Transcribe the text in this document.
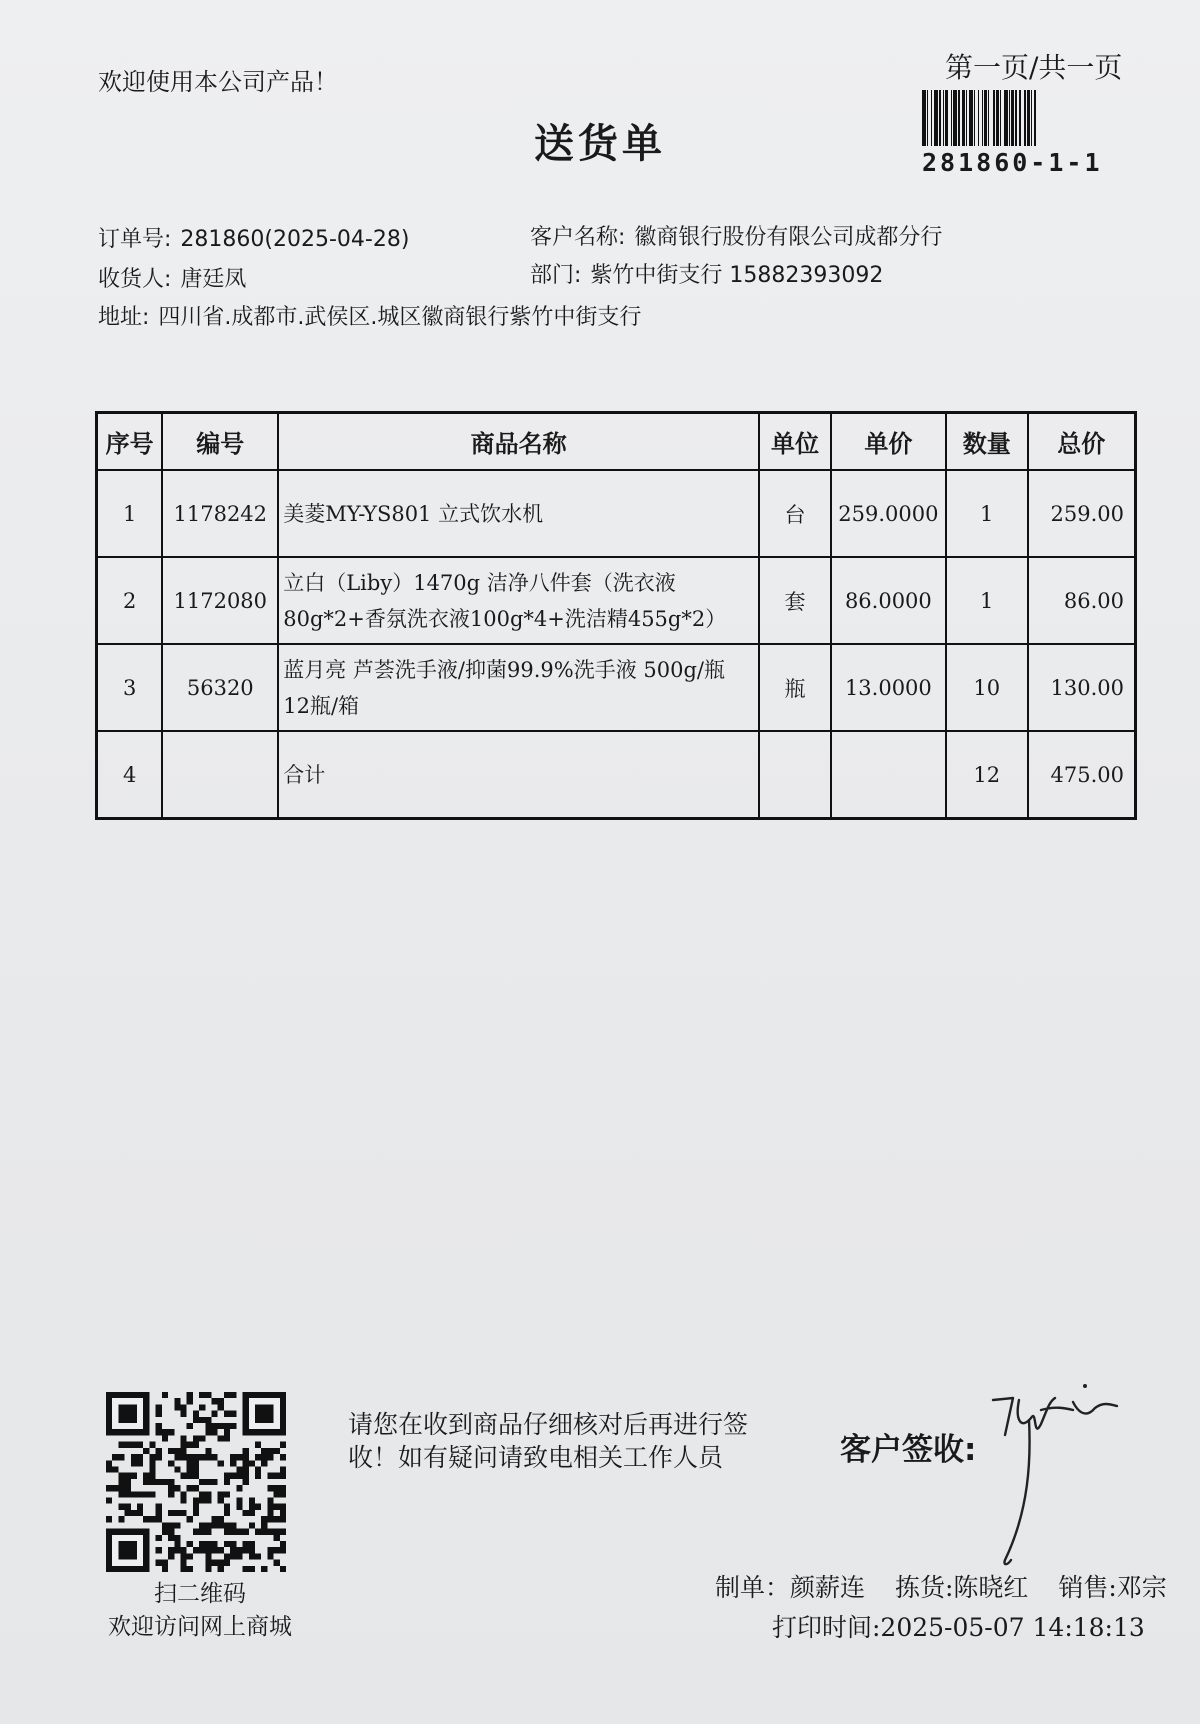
欢迎使用本公司产品！	第一页/共一页
281860-1-1
送货单
订单号: 281860(2025-04-28)	客户名称: 徽商银行股份有限公司成都分行
收货人: 唐廷凤	部门: 紫竹中街支行 15882393092
地址: 四川省.成都市.武侯区.城区徽商银行紫竹中街支行
序号	编号	商品名称	单位	单价	数量	总价
1	1178242	美菱MY-YS801 立式饮水机	台	259.0000	1	259.00
2	1172080	立白（Liby）1470g 洁净八件套（洗衣液80g*2+香氛洗衣液100g*4+洗洁精455g*2）	套	86.0000	1	86.00
3	56320	蓝月亮 芦荟洗手液/抑菌99.9%洗手液 500g/瓶 12瓶/箱	瓶	13.0000	10	130.00
4		合计			12	475.00
扫二维码
欢迎访问网上商城
请您在收到商品仔细核对后再进行签收！如有疑问请致电相关工作人员	客户签收:
制单：颜薪连 拣货:陈晓红 销售:邓宗
打印时间:2025-05-07 14:18:13
